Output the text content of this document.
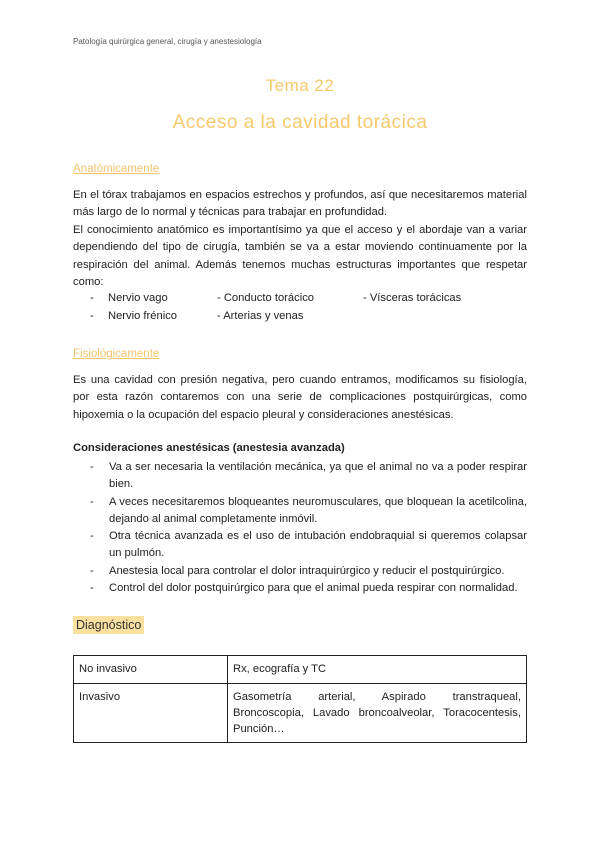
Patología quirúrgica general, cirugía y anestesiología
Tema 22
Acceso a la cavidad torácica
Anatómicamente

En el tórax trabajamos en espacios estrechos y profundos, así que necesitaremos material más largo de lo normal y técnicas para trabajar en profundidad.

El conocimiento anatómico es importantísimo ya que el acceso y el abordaje van a variar dependiendo del tipo de cirugía, también se va a estar moviendo continuamente por la respiración del animal. Además tenemos muchas estructuras importantes que respetar como:

- Nervio vago	- Conducto torácico	- Vísceras torácicas
- Nervio frénico	- Arterias y venas
Fisiológicamente

Es una cavidad con presión negativa, pero cuando entramos, modificamos su fisiología, por esta razón contaremos con una serie de complicaciones postquirúrgicas, como hipoxemia o la ocupación del espacio pleural y consideraciones anestésicas.

Consideraciones anestésicas (anestesia avanzada)
- Va a ser necesaria la ventilación mecánica, ya que el animal no va a poder respirar bien.
- A veces necesitaremos bloqueantes neuromusculares, que bloquean la acetilcolina, dejando al animal completamente inmóvil.
- Otra técnica avanzada es el uso de intubación endobraquial si queremos colapsar un pulmón.
- Anestesia local para controlar el dolor intraquirúrgico y reducir el postquirúrgico.
- Control del dolor postquirúrgico para que el animal pueda respirar con normalidad.
Diagnóstico
No invasivo	Rx, ecografía y TC
Invasivo	Gasometría arterial, Aspirado transtraqueal, Broncoscopia, Lavado broncoalveolar, Toracocentesis, Punción…
